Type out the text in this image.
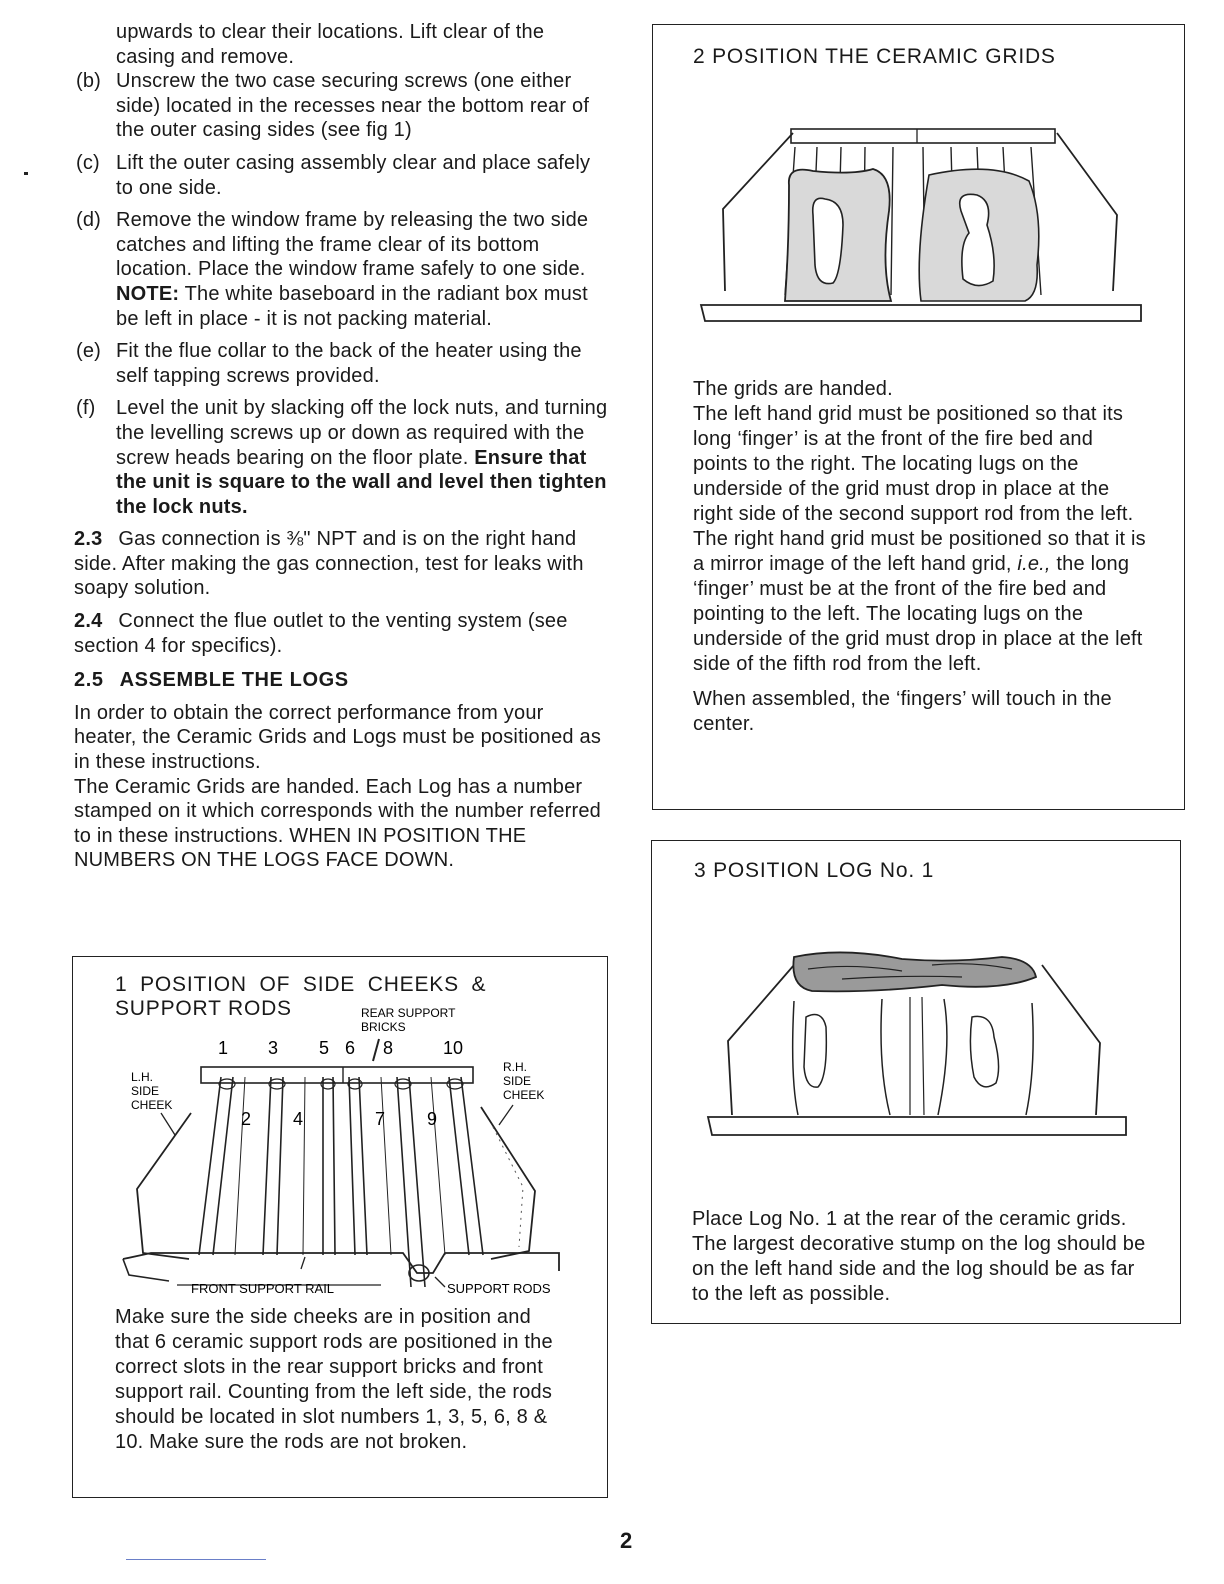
upwards to clear their locations. Lift clear of the
casing and remove.
(b) Unscrew the two case securing screws (one either side) located in the recesses near the bottom rear of the outer casing sides (see fig 1)
(c) Lift the outer casing assembly clear and place safely to one side.
(d) Remove the window frame by releasing the two side catches and lifting the frame clear of its bottom location. Place the window frame safely to one side.
NOTE: The white baseboard in the radiant box must be left in place - it is not packing material.
(e) Fit the flue collar to the back of the heater using the self tapping screws provided.
(f) Level the unit by slacking off the lock nuts, and turning the levelling screws up or down as required with the screw heads bearing on the floor plate. Ensure that the unit is square to the wall and level then tighten the lock nuts.
2.3 Gas connection is ⅜" NPT and is on the right hand side. After making the gas connection, test for leaks with soapy solution.
2.4 Connect the flue outlet to the venting system (see section 4 for specifics).
2.5 ASSEMBLE THE LOGS
In order to obtain the correct performance from your heater, the Ceramic Grids and Logs must be positioned as in these instructions.
The Ceramic Grids are handed. Each Log has a number stamped on it which corresponds with the number referred to in these instructions. WHEN IN POSITION THE NUMBERS ON THE LOGS FACE DOWN.
1 POSITION OF SIDE CHEEKS &
SUPPORT RODS	REAR SUPPORT
BRICKS
1 3 5 6 8	10
L.H.
SIDE
CHEEK
R.H.
SIDE
CHEEK
2 4	7 9
FRONT SUPPORT RAIL	SUPPORT RODS
Make sure the side cheeks are in position and that 6 ceramic support rods are positioned in the correct slots in the rear support bricks and front support rail. Counting from the left side, the rods should be located in slot numbers 1, 3, 5, 6, 8 & 10. Make sure the rods are not broken.
2 POSITION THE CERAMIC GRIDS
The grids are handed.
The left hand grid must be positioned so that its long ‘finger’ is at the front of the fire bed and points to the right. The locating lugs on the underside of the grid must drop in place at the right side of the second support rod from the left.
The right hand grid must be positioned so that it is a mirror image of the left hand grid, i.e., the long ‘finger’ must be at the front of the fire bed and pointing to the left. The locating lugs on the underside of the grid must drop in place at the left side of the fifth rod from the left.
When assembled, the ‘fingers’ will touch in the center.
3 POSITION LOG No. 1
Place Log No. 1 at the rear of the ceramic grids. The largest decorative stump on the log should be on the left hand side and the log should be as far to the left as possible.
2
